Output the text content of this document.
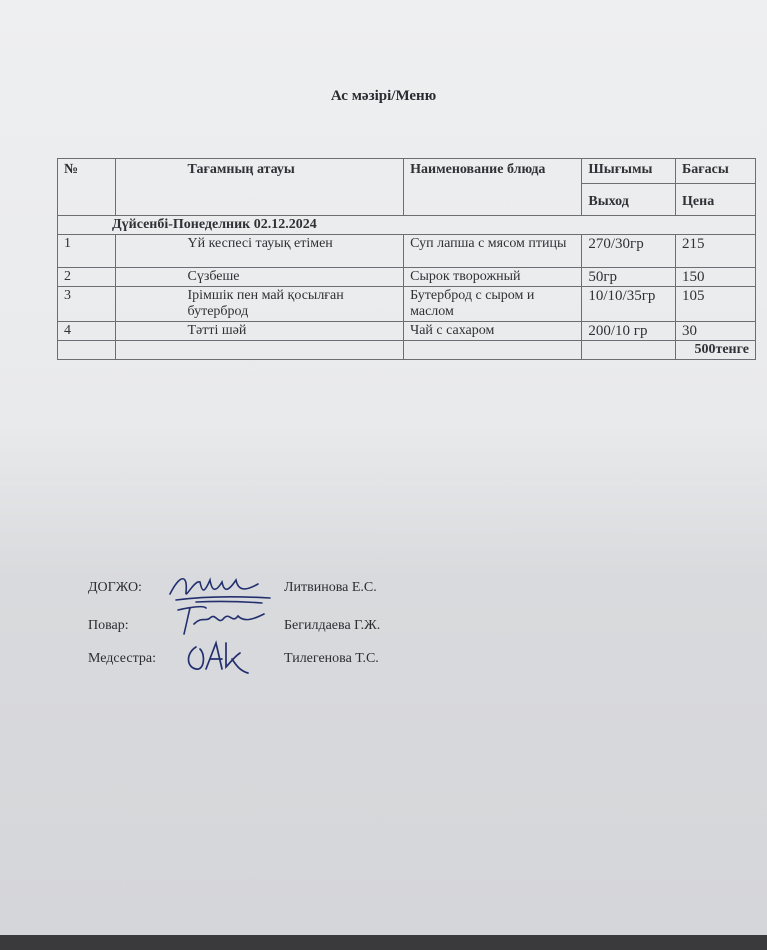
Ас мәзірі/Меню
№	Тағамның атауы	Наименование блюда	Шығымы	Бағасы
			Выход	Цена
Дүйсенбі-Понеделник 02.12.2024				
1	Үй кеспесі тауық етімен	Суп лапша с мясом птицы	270/30гр	215
2	Сүзбеше	Сырок творожный	50гр	150
3	Ірімшік пен май қосылған бутерброд	Бутерброд с сыром и маслом	10/10/35гр	105
4	Тәтті шәй	Чай с сахаром	200/10 гр	30
				500тенге
ДОГЖО:	Литвинова Е.С.
Повар:	Бегилдаева Г.Ж.
Медсестра:	Тилегенова Т.С.
